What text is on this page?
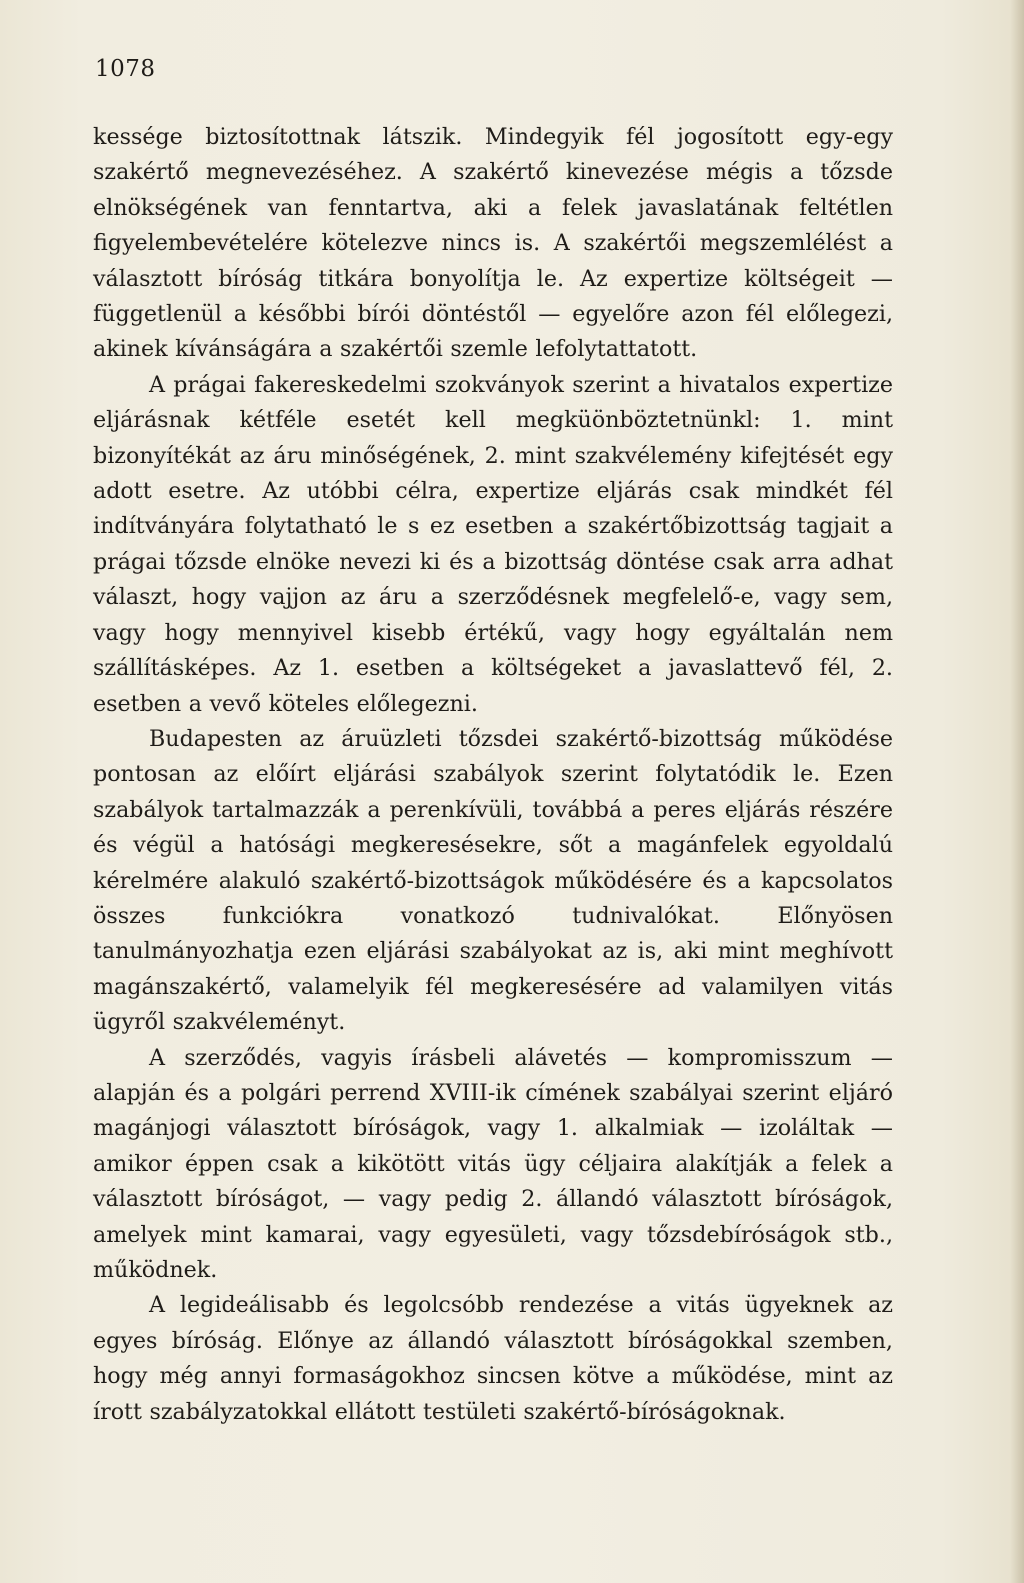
1078

kessége biztosítottnak látszik. Mindegyik fél jogosított egy-egy szakértő megnevezéséhez. A szakértő kinevezése mégis a tőzsde elnökségének van fenntartva, aki a felek javaslatának feltétlen figyelembevételére kötelezve nincs is. A szakértői megszemlélést a választott bíróság titkára bonyolítja le. Az expertize költségeit — függetlenül a későbbi bírói döntéstől — egyelőre azon fél előlegezi, akinek kívánságára a szakértői szemle lefolytattatott.

A prágai fakereskedelmi szokványok szerint a hivatalos expertize eljárásnak kétféle esetét kell megküönböztetnünkl: 1. mint bizonyítékát az áru minőségének, 2. mint szakvélemény kifejtését egy adott esetre. Az utóbbi célra, expertize eljárás csak mindkét fél indítványára folytatható le s ez esetben a szakértőbizottság tagjait a prágai tőzsde elnöke nevezi ki és a bizottság döntése csak arra adhat választ, hogy vajjon az áru a szerződésnek megfelelő-e, vagy sem, vagy hogy mennyivel kisebb értékű, vagy hogy egyáltalán nem szállításképes. Az 1. esetben a költségeket a javaslattevő fél, 2. esetben a vevő köteles előlegezni.

Budapesten az áruüzleti tőzsdei szakértő-bizottság működése pontosan az előírt eljárási szabályok szerint folytatódik le. Ezen szabályok tartalmazzák a perenkívüli, továbbá a peres eljárás részére és végül a hatósági megkeresésekre, sőt a magánfelek egyoldalú kérelmére alakuló szakértő-bizottságok működésére és a kapcsolatos összes funkciókra vonatkozó tudnivalókat. Előnyösen tanulmányozhatja ezen eljárási szabályokat az is, aki mint meghívott magánszakértő, valamelyik fél megkeresésére ad valamilyen vitás ügyről szakvéleményt.

A szerződés, vagyis írásbeli alávetés — kompromisszum — alapján és a polgári perrend XVIII-ik címének szabályai szerint eljáró magánjogi választott bíróságok, vagy 1. alkalmiak — izoláltak — amikor éppen csak a kikötött vitás ügy céljaira alakítják a felek a választott bíróságot, — vagy pedig 2. állandó választott bíróságok, amelyek mint kamarai, vagy egyesületi, vagy tőzsdebíróságok stb., működnek.

A legideálisabb és legolcsóbb rendezése a vitás ügyeknek az egyes bíróság. Előnye az állandó választott bíróságokkal szemben, hogy még annyi formaságokhoz sincsen kötve a működése, mint az írott szabályzatokkal ellátott testületi szakértő-bíróságoknak.
